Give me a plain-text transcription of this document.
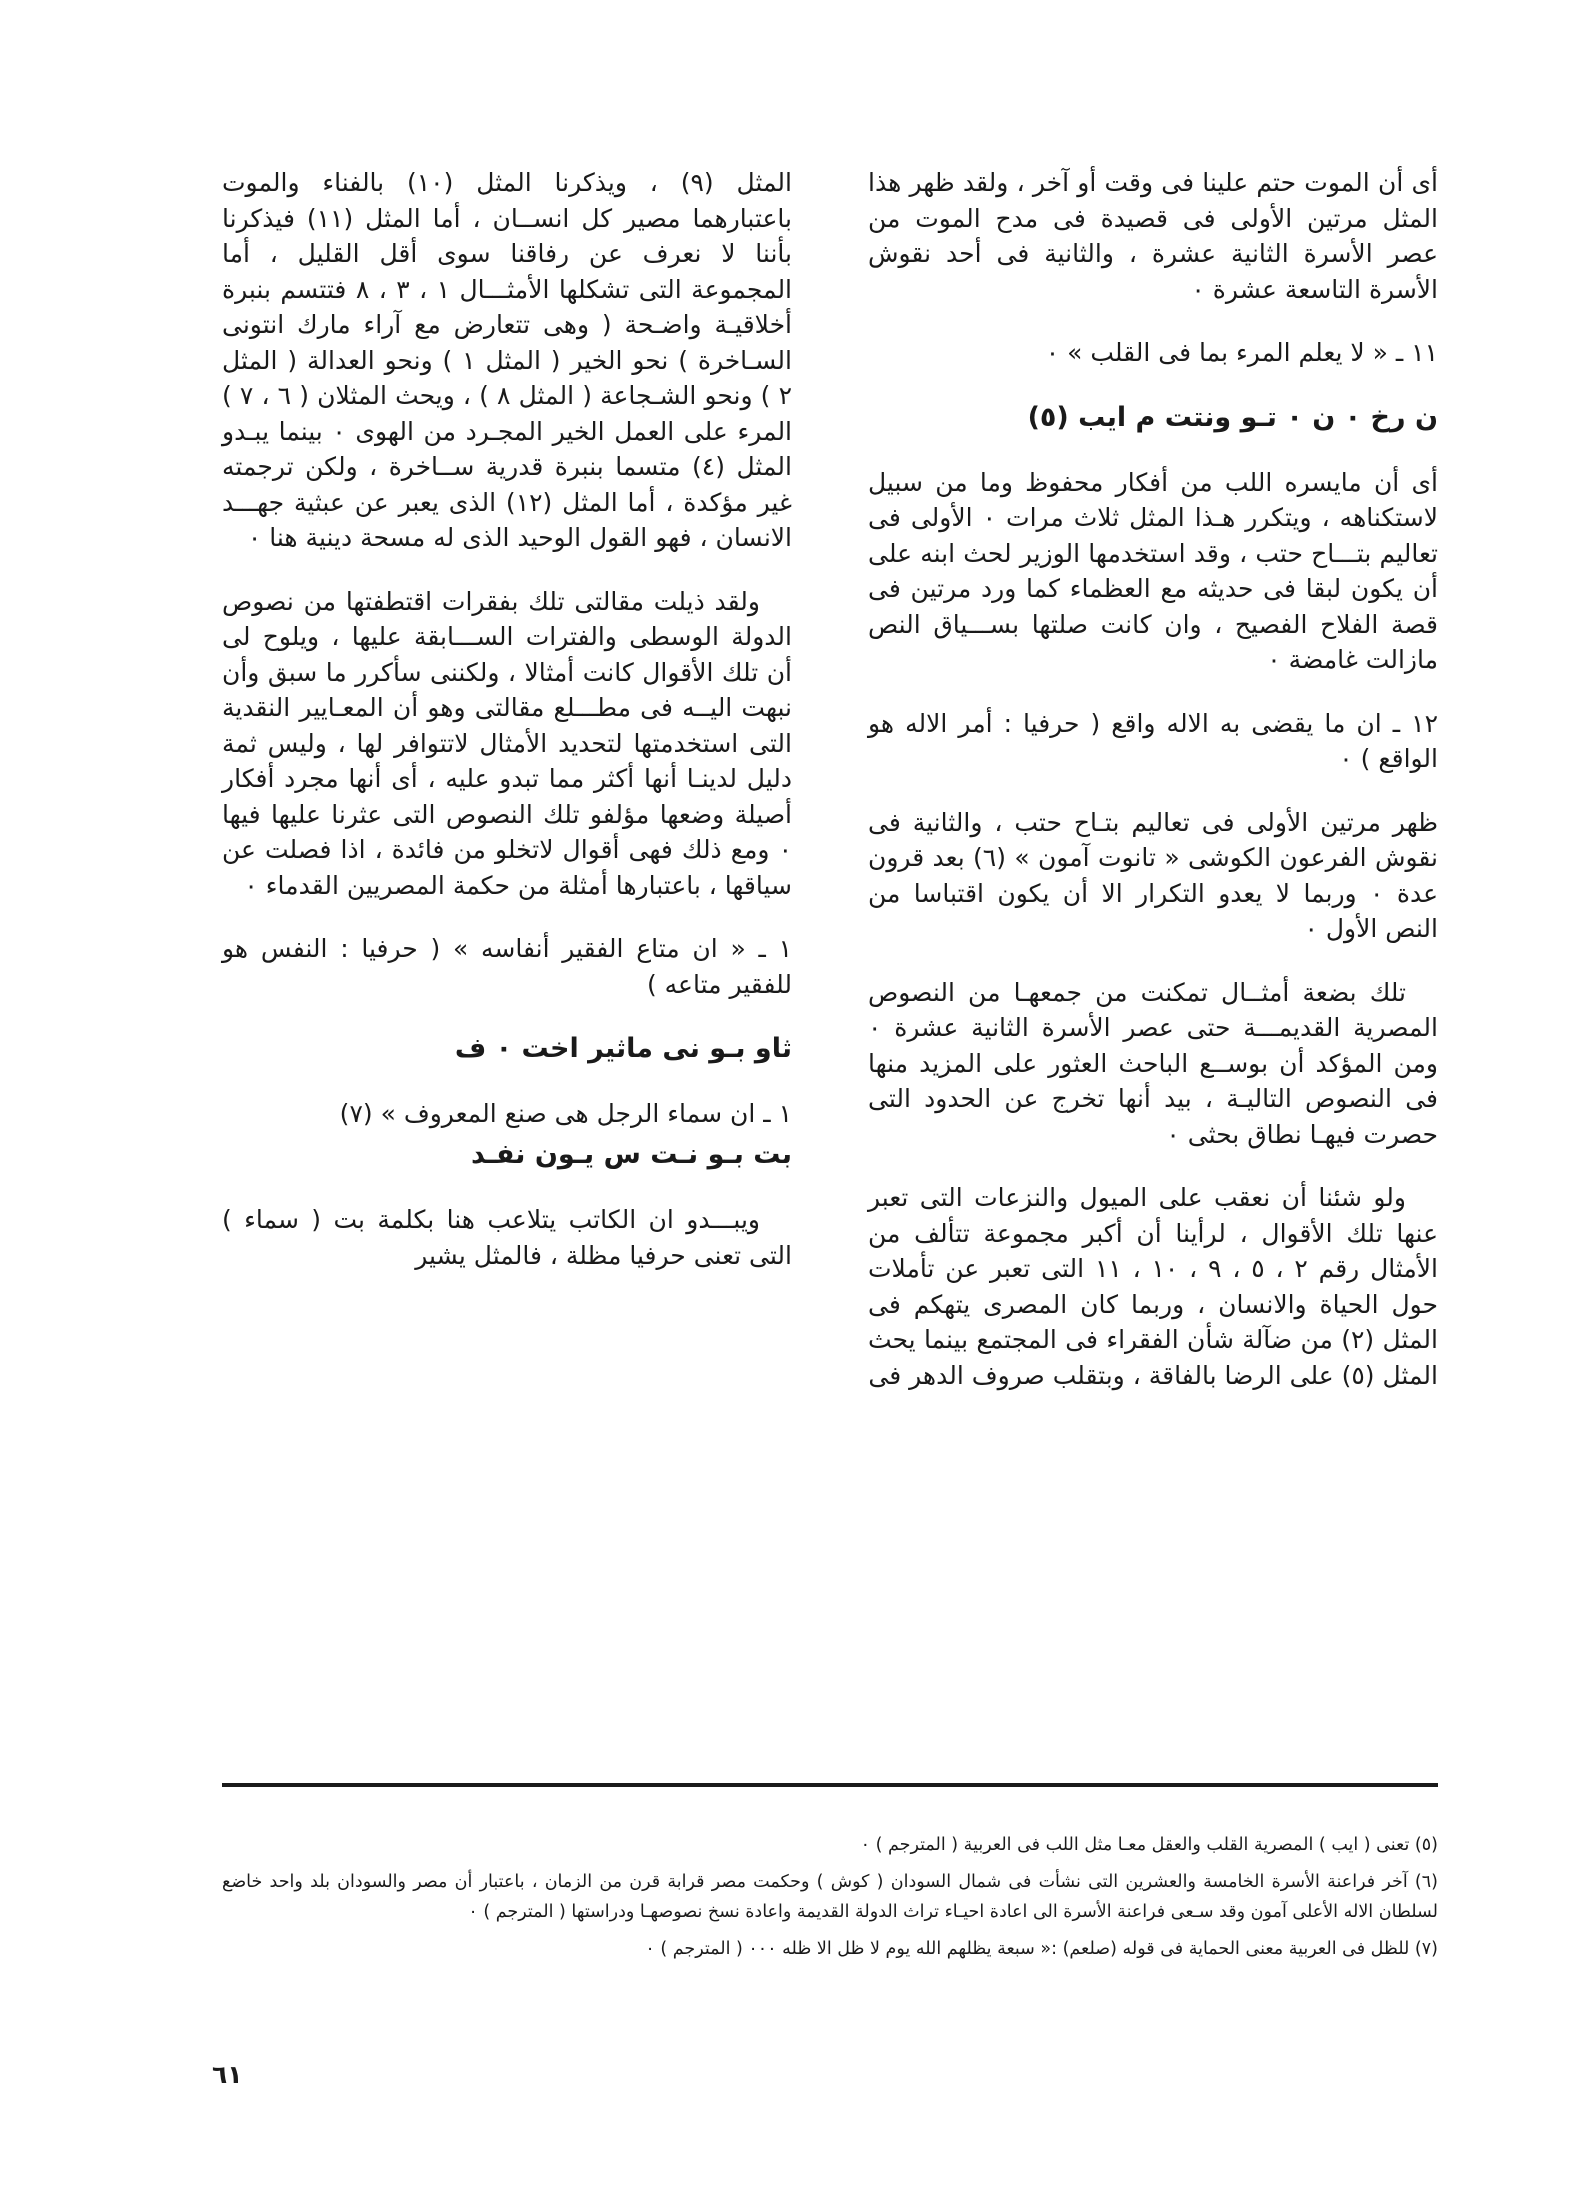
أى أن الموت حتم علينا فى وقت أو آخر ، ولقد ظهر هذا المثل مرتين الأولى فى قصيدة فى مدح الموت من عصر الأسرة الثانية عشرة ، والثانية فى أحد نقوش الأسرة التاسعة عشرة ٠

١١ ـ « لا يعلم المرء بما فى القلب » ٠

ن رخ ٠ ن ٠ تـو ونتت م ايب (٥)

أى أن مايسره اللب من أفكار محفوظ وما من سبيل لاستكناهه ، ويتكرر هـذا المثل ثلاث مرات ٠ الأولى فى تعاليم بتـــاح حتب ، وقد استخدمها الوزير لحث ابنه على أن يكون لبقا فى حديثه مع العظماء كما ورد مرتين فى قصة الفلاح الفصيح ، وان كانت صلتها بســـياق النص مازالت غامضة ٠

١٢ ـ ان ما يقضى به الاله واقع ( حرفيا : أمر الاله هو الواقع ) ٠

ظهر مرتين الأولى فى تعاليم بتـاح حتب ، والثانية فى نقوش الفرعون الكوشى « تانوت آمون » (٦) بعد قرون عدة ٠ وربما لا يعدو التكرار الا أن يكون اقتباسا من النص الأول ٠

تلك بضعة أمثــال تمكنت من جمعهـا من النصوص المصرية القديمـــة حتى عصر الأسرة الثانية عشرة ٠ ومن المؤكد أن بوســع الباحث العثور على المزيد منها فى النصوص التاليـة ، بيد أنها تخرج عن الحدود التى حصرت فيهـا نطاق بحثى ٠

ولو شئنا أن نعقب على الميول والنزعات التى تعبر عنها تلك الأقوال ، لرأينا أن أكبر مجموعة تتألف من الأمثال رقم ٢ ، ٥ ، ٩ ، ١٠ ، ١١ التى تعبر عن تأملات حول الحياة والانسان ، وربما كان المصرى يتهكم فى المثل (٢) من ضآلة شأن الفقراء فى المجتمع بينما يحث المثل (٥) على الرضا بالفاقة ، وبتقلب صروف الدهر فى

المثل (٩) ، ويذكرنا المثل (١٠) بالفناء والموت باعتبارهما مصير كل انســان ، أما المثل (١١) فيذكرنا بأننا لا نعرف عن رفاقنا سوى أقل القليل ، أما المجموعة التى تشكلها الأمثـــال ١ ، ٣ ، ٨ فتتسم بنبرة أخلاقيـة واضـحة ( وهى تتعارض مع آراء مارك انتونى السـاخرة ) نحو الخير ( المثل ١ ) ونحو العدالة ( المثل ٢ ) ونحو الشـجاعة ( المثل ٨ ) ، ويحث المثلان ( ٦ ، ٧ ) المرء على العمل الخير المجـرد من الهوى ٠ بينما يبـدو المثل (٤) متسما بنبرة قدرية ســاخرة ، ولكن ترجمته غير مؤكدة ، أما المثل (١٢) الذى يعبر عن عبثية جهـــد الانسان ، فهو القول الوحيد الذى له مسحة دينية هنا ٠

ولقد ذيلت مقالتى تلك بفقرات اقتطفتها من نصوص الدولة الوسطى والفترات الســـابقة عليها ، ويلوح لى أن تلك الأقوال كانت أمثالا ، ولكننى سأكرر ما سبق وأن نبهت اليــه فى مطـــلع مقالتى وهو أن المعـايير النقدية التى استخدمتها لتحديد الأمثال لاتتوافر لها ، وليس ثمة دليل لدينـا أنها أكثر مما تبدو عليه ، أى أنها مجرد أفكار أصيلة وضعها مؤلفو تلك النصوص التى عثرنا عليها فيها ٠ ومع ذلك فهى أقوال لاتخلو من فائدة ، اذا فصلت عن سياقها ، باعتبارها أمثلة من حكمة المصريين القدماء ٠

١ ـ « ان متاع الفقير أنفاسه » ( حرفيا : النفس هو للفقير متاعه )

ثاو بـو نى ماثير اخت ٠ ف

١ ـ ان سماء الرجل هى صنع المعروف » (٧)

بت بـو نـت س يـون نفـد

ويبـــدو ان الكاتب يتلاعب هنا بكلمة بت ( سماء ) التى تعنى حرفيا مظلة ، فالمثل يشير

(٥) تعنى ( ايب ) المصرية القلب والعقل معـا مثل اللب فى العربية ( المترجم ) ٠

(٦) آخر فراعنة الأسرة الخامسة والعشرين التى نشأت فى شمال السودان ( كوش ) وحكمت مصر قرابة قرن من الزمان ، باعتبار أن مصر والسودان بلد واحد خاضع لسلطان الاله الأعلى آمون وقد سـعى فراعنة الأسرة الى اعادة احيـاء تراث الدولة القديمة واعادة نسخ نصوصهـا ودراستها ( المترجم ) ٠

(٧) للظل فى العربية معنى الحماية فى قوله (صلعم) :« سبعة يظلهم الله يوم لا ظل الا ظله ٠٠٠ ( المترجم ) ٠

٦١
